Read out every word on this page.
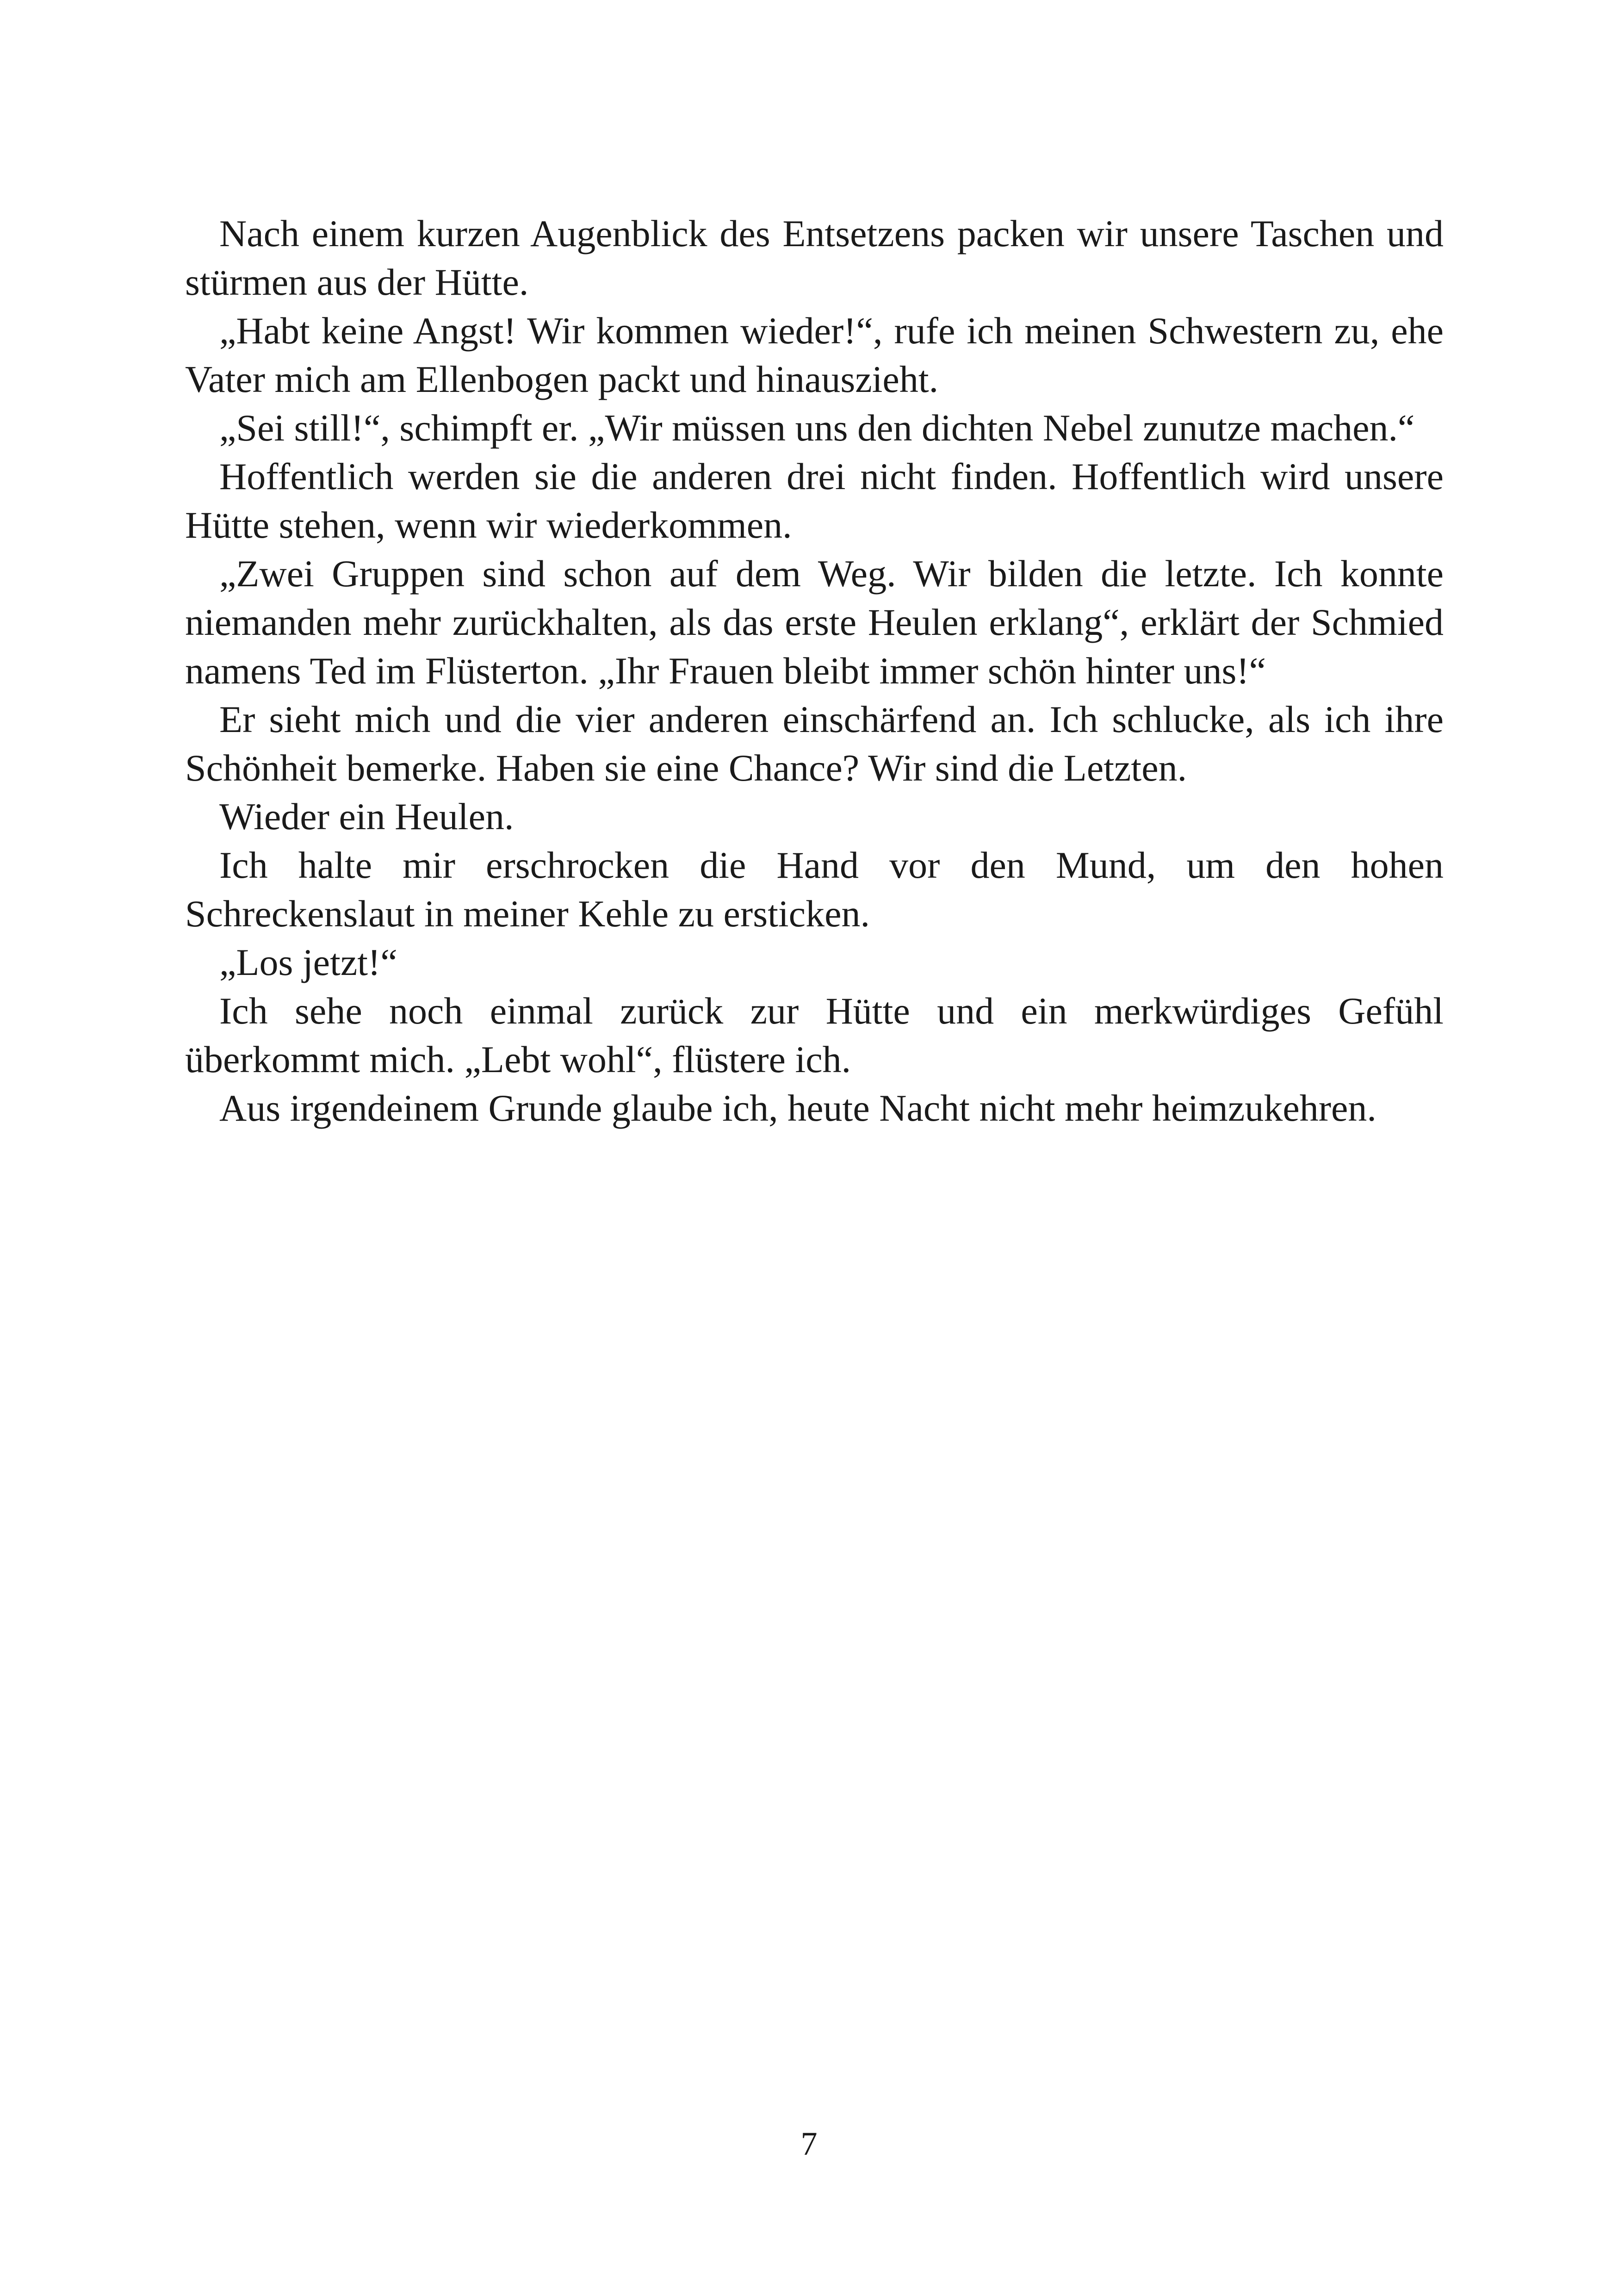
Nach einem kurzen Augenblick des Entsetzens packen wir unsere Taschen und stürmen aus der Hütte.

„Habt keine Angst! Wir kommen wieder!“, rufe ich meinen Schwestern zu, ehe Vater mich am Ellenbogen packt und hinauszieht.

„Sei still!“, schimpft er. „Wir müssen uns den dichten Nebel zunutze machen.“

Hoffentlich werden sie die anderen drei nicht finden. Hoffentlich wird unsere Hütte stehen, wenn wir wiederkommen.

„Zwei Gruppen sind schon auf dem Weg. Wir bilden die letzte. Ich konnte niemanden mehr zurückhalten, als das erste Heulen erklang“, erklärt der Schmied namens Ted im Flüsterton. „Ihr Frauen bleibt immer schön hinter uns!“

Er sieht mich und die vier anderen einschärfend an. Ich schlucke, als ich ihre Schönheit bemerke. Haben sie eine Chance? Wir sind die Letzten.

Wieder ein Heulen.

Ich halte mir erschrocken die Hand vor den Mund, um den hohen Schreckenslaut in meiner Kehle zu ersticken.

„Los jetzt!“

Ich sehe noch einmal zurück zur Hütte und ein merkwürdiges Gefühl überkommt mich. „Lebt wohl“, flüstere ich.

Aus irgendeinem Grunde glaube ich, heute Nacht nicht mehr heimzukehren.

7
